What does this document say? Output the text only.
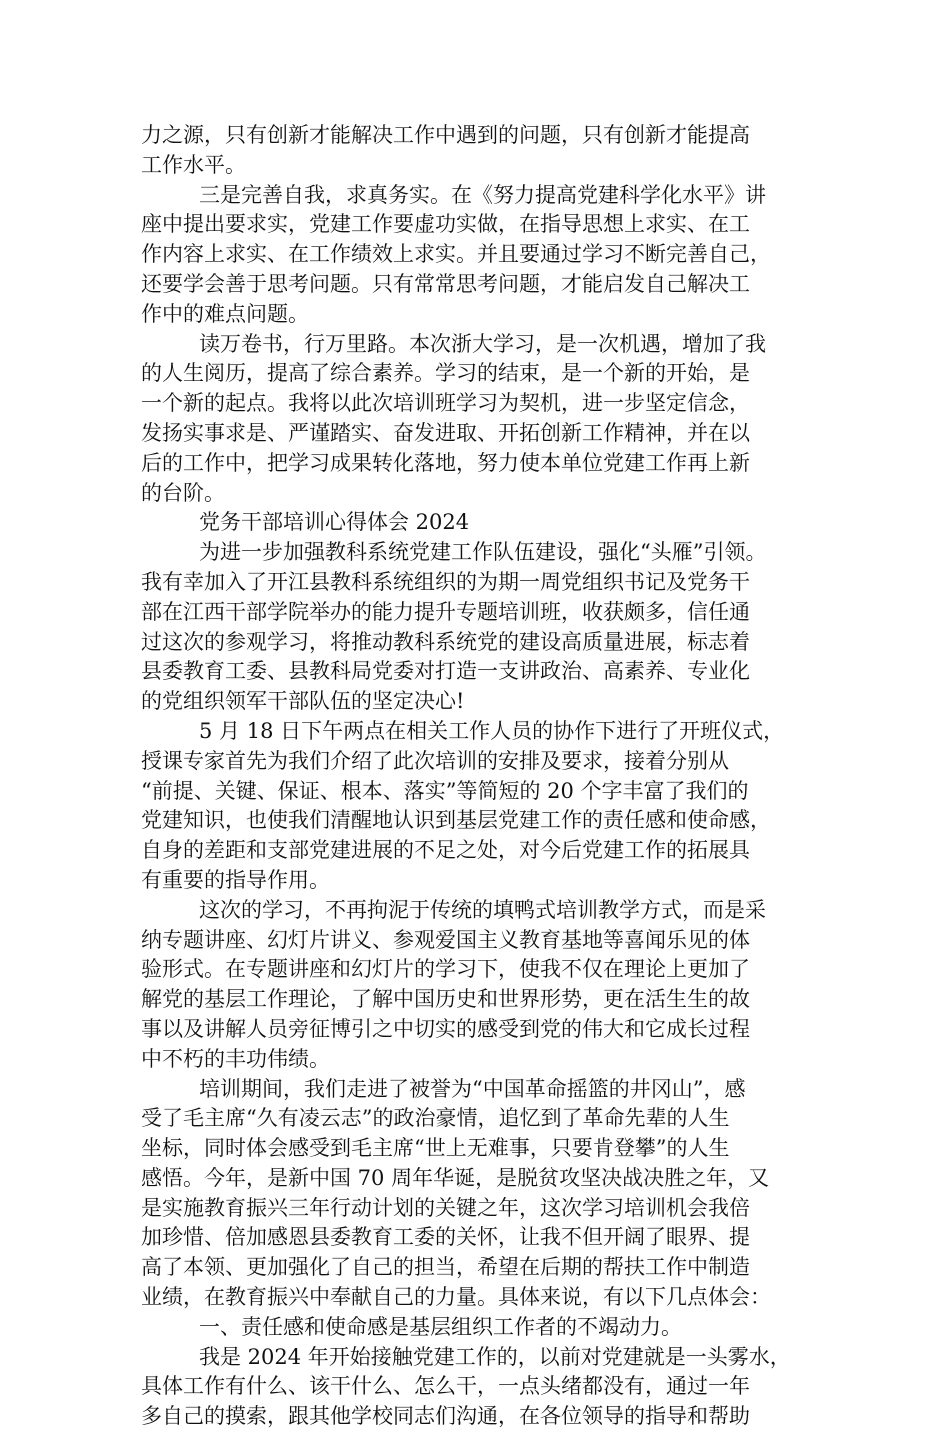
力之源，只有创新才能解决工作中遇到的问题，只有创新才能提高
工作水平。
三是完善自我，求真务实。在《努力提高党建科学化水平》讲
座中提出要求实，党建工作要虚功实做，在指导思想上求实、在工
作内容上求实、在工作绩效上求实。并且要通过学习不断完善自己，
还要学会善于思考问题。只有常常思考问题，才能启发自己解决工
作中的难点问题。
读万卷书，行万里路。本次浙大学习，是一次机遇，增加了我
的人生阅历，提高了综合素养。学习的结束，是一个新的开始，是
一个新的起点。我将以此次培训班学习为契机，进一步坚定信念，
发扬实事求是、严谨踏实、奋发进取、开拓创新工作精神，并在以
后的工作中，把学习成果转化落地，努力使本单位党建工作再上新
的台阶。
党务干部培训心得体会 2024
为进一步加强教科系统党建工作队伍建设，强化“头雁”引领。
我有幸加入了开江县教科系统组织的为期一周党组织书记及党务干
部在江西干部学院举办的能力提升专题培训班，收获颇多，信任通
过这次的参观学习，将推动教科系统党的建设高质量进展，标志着
县委教育工委、县教科局党委对打造一支讲政治、高素养、专业化
的党组织领军干部队伍的坚定决心!
5 月 18 日下午两点在相关工作人员的协作下进行了开班仪式，
授课专家首先为我们介绍了此次培训的安排及要求，接着分别从
“前提、关键、保证、根本、落实”等简短的 20 个字丰富了我们的
党建知识，也使我们清醒地认识到基层党建工作的责任感和使命感，
自身的差距和支部党建进展的不足之处，对今后党建工作的拓展具
有重要的指导作用。
这次的学习，不再拘泥于传统的填鸭式培训教学方式，而是采
纳专题讲座、幻灯片讲义、参观爱国主义教育基地等喜闻乐见的体
验形式。在专题讲座和幻灯片的学习下，使我不仅在理论上更加了
解党的基层工作理论，了解中国历史和世界形势，更在活生生的故
事以及讲解人员旁征博引之中切实的感受到党的伟大和它成长过程
中不朽的丰功伟绩。
培训期间，我们走进了被誉为“中国革命摇篮的井冈山”，感
受了毛主席“久有凌云志”的政治豪情，追忆到了革命先辈的人生
坐标，同时体会感受到毛主席“世上无难事，只要肯登攀”的人生
感悟。今年，是新中国 70 周年华诞，是脱贫攻坚决战决胜之年，又
是实施教育振兴三年行动计划的关键之年，这次学习培训机会我倍
加珍惜、倍加感恩县委教育工委的关怀，让我不但开阔了眼界、提
高了本领、更加强化了自己的担当，希望在后期的帮扶工作中制造
业绩，在教育振兴中奉献自己的力量。具体来说，有以下几点体会：
一、责任感和使命感是基层组织工作者的不竭动力。
我是 2024 年开始接触党建工作的，以前对党建就是一头雾水，
具体工作有什么、该干什么、怎么干，一点头绪都没有，通过一年
多自己的摸索，跟其他学校同志们沟通，在各位领导的指导和帮助
